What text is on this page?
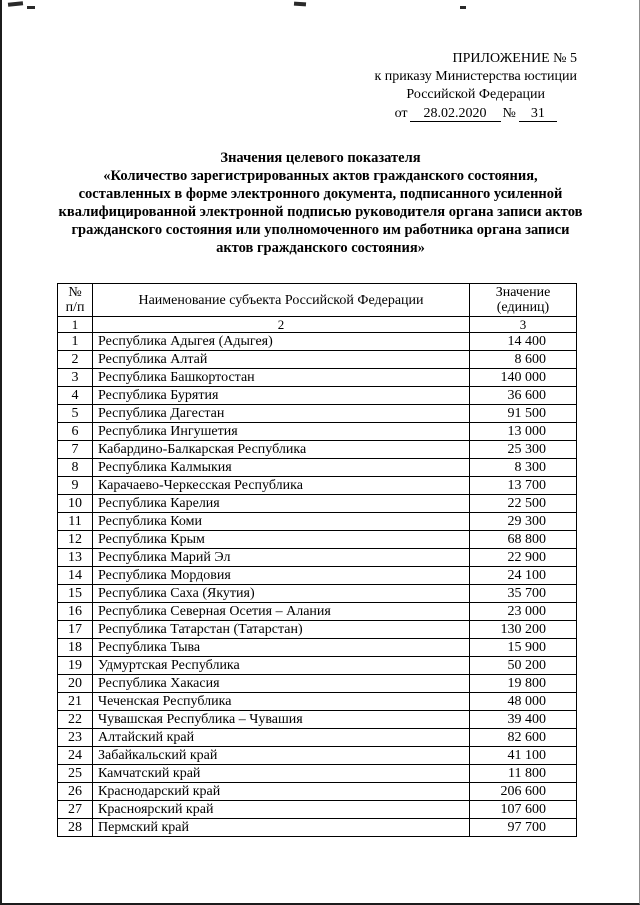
ПРИЛОЖЕНИЕ № 5
к приказу Министерства юстиции
Российской Федерации
от 28.02.2020 № 31
Значения целевого показателя
«Количество зарегистрированных актов гражданского состояния,
составленных в форме электронного документа, подписанного усиленной
квалифицированной электронной подписью руководителя органа записи актов
гражданского состояния или уполномоченного им работника органа записи
актов гражданского состояния»
№
п/п	Наименование субъекта Российской Федерации	Значение
(единиц)

1	2	3
1	Республика Адыгея (Адыгея)	14 400
2	Республика Алтай	8 600
3	Республика Башкортостан	140 000
4	Республика Бурятия	36 600
5	Республика Дагестан	91 500
6	Республика Ингушетия	13 000
7	Кабардино-Балкарская Республика	25 300
8	Республика Калмыкия	8 300
9	Карачаево-Черкесская Республика	13 700
10	Республика Карелия	22 500
11	Республика Коми	29 300
12	Республика Крым	68 800
13	Республика Марий Эл	22 900
14	Республика Мордовия	24 100
15	Республика Саха (Якутия)	35 700
16	Республика Северная Осетия – Алания	23 000
17	Республика Татарстан (Татарстан)	130 200
18	Республика Тыва	15 900
19	Удмуртская Республика	50 200
20	Республика Хакасия	19 800
21	Чеченская Республика	48 000
22	Чувашская Республика – Чувашия	39 400
23	Алтайский край	82 600
24	Забайкальский край	41 100
25	Камчатский край	11 800
26	Краснодарский край	206 600
27	Красноярский край	107 600
28	Пермский край	97 700
